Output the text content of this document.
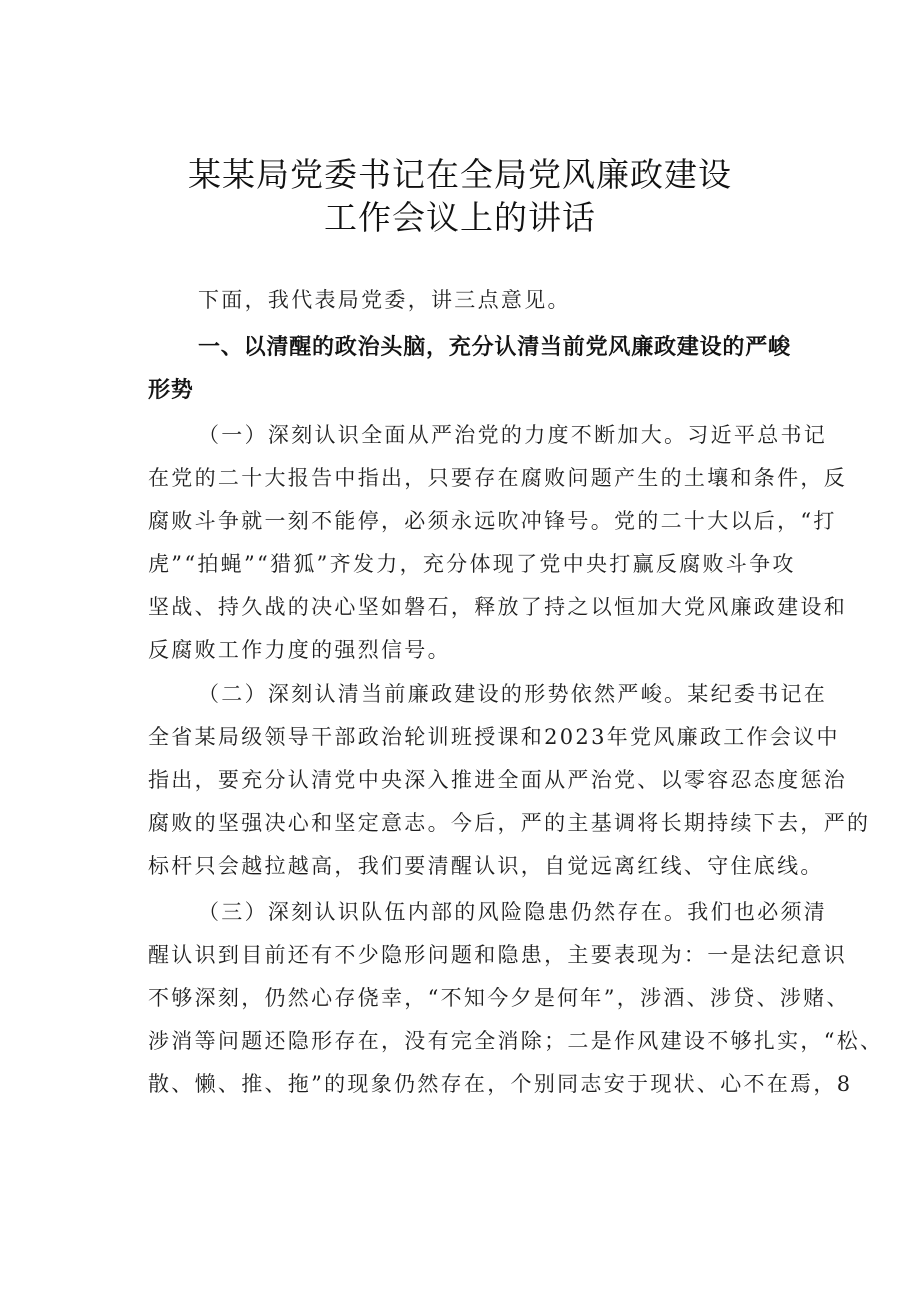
某某局党委书记在全局党风廉政建设
工作会议上的讲话
下面，我代表局党委，讲三点意见。
一、以清醒的政治头脑，充分认清当前党风廉政建设的严峻
形势
（一）深刻认识全面从严治党的力度不断加大。习近平总书记
在党的二十大报告中指出，只要存在腐败问题产生的土壤和条件，反
腐败斗争就一刻不能停，必须永远吹冲锋号。党的二十大以后，“打
虎”“拍蝇”“猎狐”齐发力，充分体现了党中央打赢反腐败斗争攻
坚战、持久战的决心坚如磐石，释放了持之以恒加大党风廉政建设和
反腐败工作力度的强烈信号。
（二）深刻认清当前廉政建设的形势依然严峻。某纪委书记在
全省某局级领导干部政治轮训班授课和2023年党风廉政工作会议中
指出，要充分认清党中央深入推进全面从严治党、以零容忍态度惩治
腐败的坚强决心和坚定意志。今后，严的主基调将长期持续下去，严的
标杆只会越拉越高，我们要清醒认识，自觉远离红线、守住底线。
（三）深刻认识队伍内部的风险隐患仍然存在。我们也必须清
醒认识到目前还有不少隐形问题和隐患，主要表现为：一是法纪意识
不够深刻，仍然心存侥幸，“不知今夕是何年”，涉酒、涉贷、涉赌、
涉消等问题还隐形存在，没有完全消除；二是作风建设不够扎实，“松、
散、懒、推、拖”的现象仍然存在，个别同志安于现状、心不在焉，8
